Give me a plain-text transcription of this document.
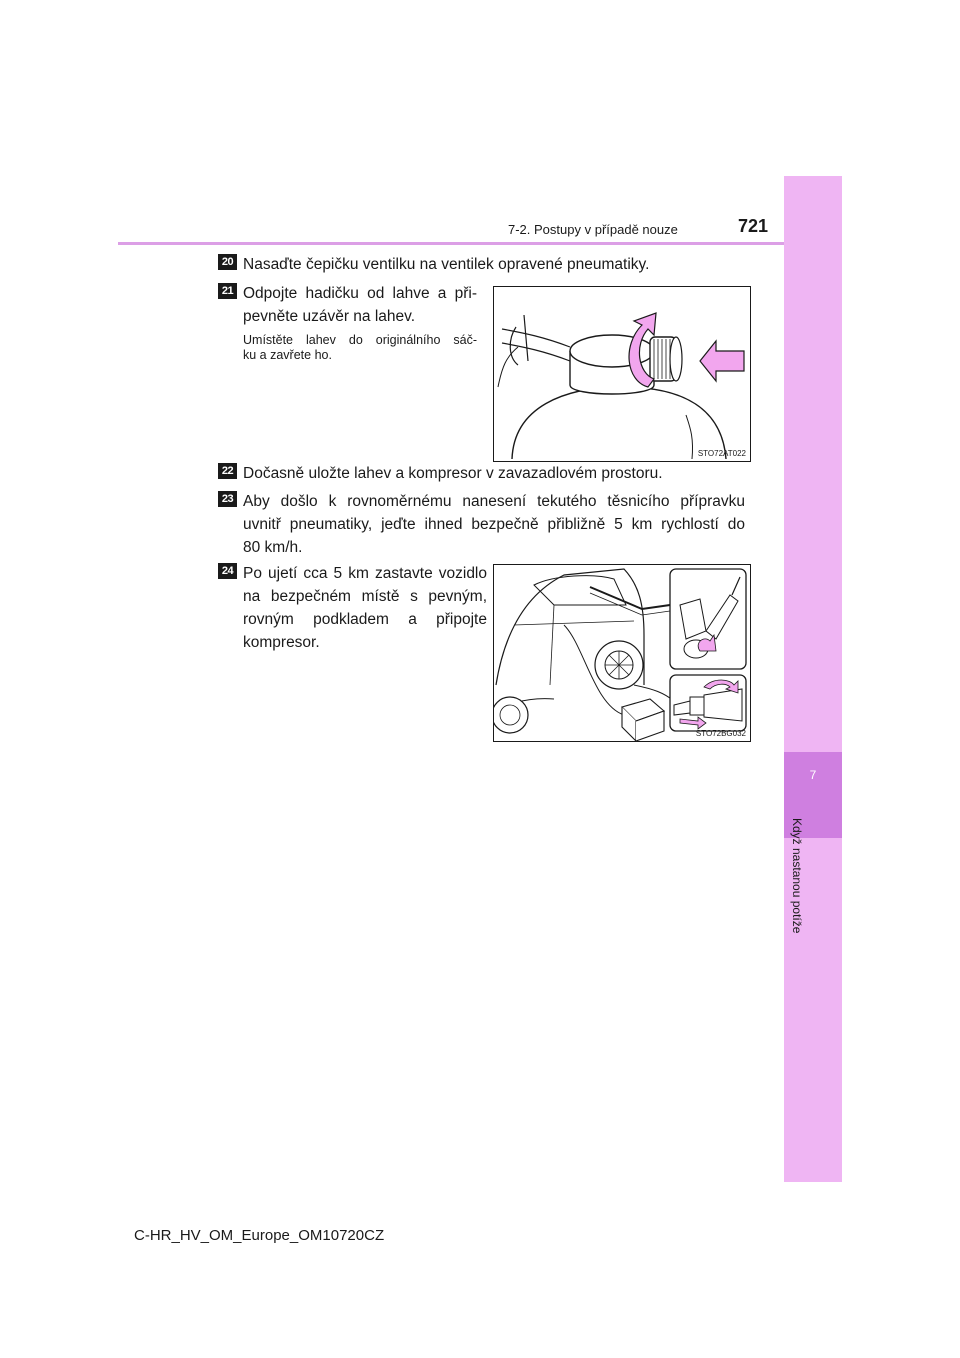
7
Když nastanou potíže
7-2. Postupy v případě nouze	721
20 Nasaďte čepičku ventilku na ventilek opravené pneumatiky.
21 Odpojte hadičku od lahve a při-
pevněte uzávěr na lahev.
Umístěte lahev do originálního sáč-
ku a zavřete ho.
STO72AT022
22 Dočasně uložte lahev a kompresor v zavazadlovém prostoru.
23 Aby došlo k rovnoměrnému nanesení tekutého těsnicího přípravku
uvnitř pneumatiky, jeďte ihned bezpečně přibližně 5 km rychlostí do
80 km/h.
24 Po ujetí cca 5 km zastavte vozidlo
na bezpečném místě s pevným,
rovným podkladem a připojte
kompresor.
STO72BG032
C-HR_HV_OM_Europe_OM10720CZ
